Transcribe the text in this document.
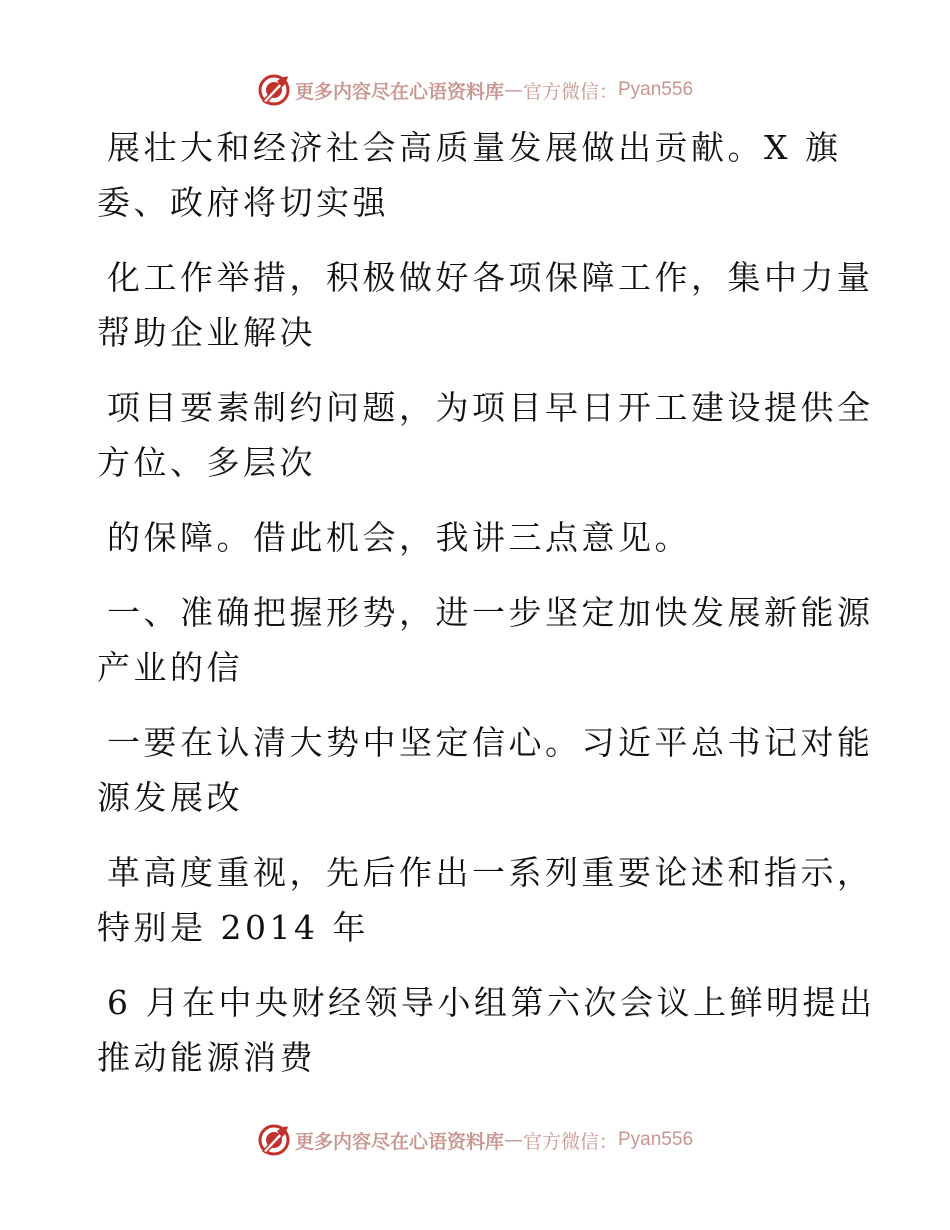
更多内容尽在心语资料库 — 官方微信： Pyan556
展壮大和经济社会高质量发展做出贡献。X 旗
委、政府将切实强
化工作举措，积极做好各项保障工作，集中力量
帮助企业解决
项目要素制约问题，为项目早日开工建设提供全
方位、多层次
的保障。借此机会，我讲三点意见。
一、准确把握形势，进一步坚定加快发展新能源
产业的信
一要在认清大势中坚定信心。习近平总书记对能
源发展改
革高度重视，先后作出一系列重要论述和指示，
特别是 2014 年
6 月在中央财经领导小组第六次会议上鲜明提出
推动能源消费
更多内容尽在心语资料库 — 官方微信： Pyan556
